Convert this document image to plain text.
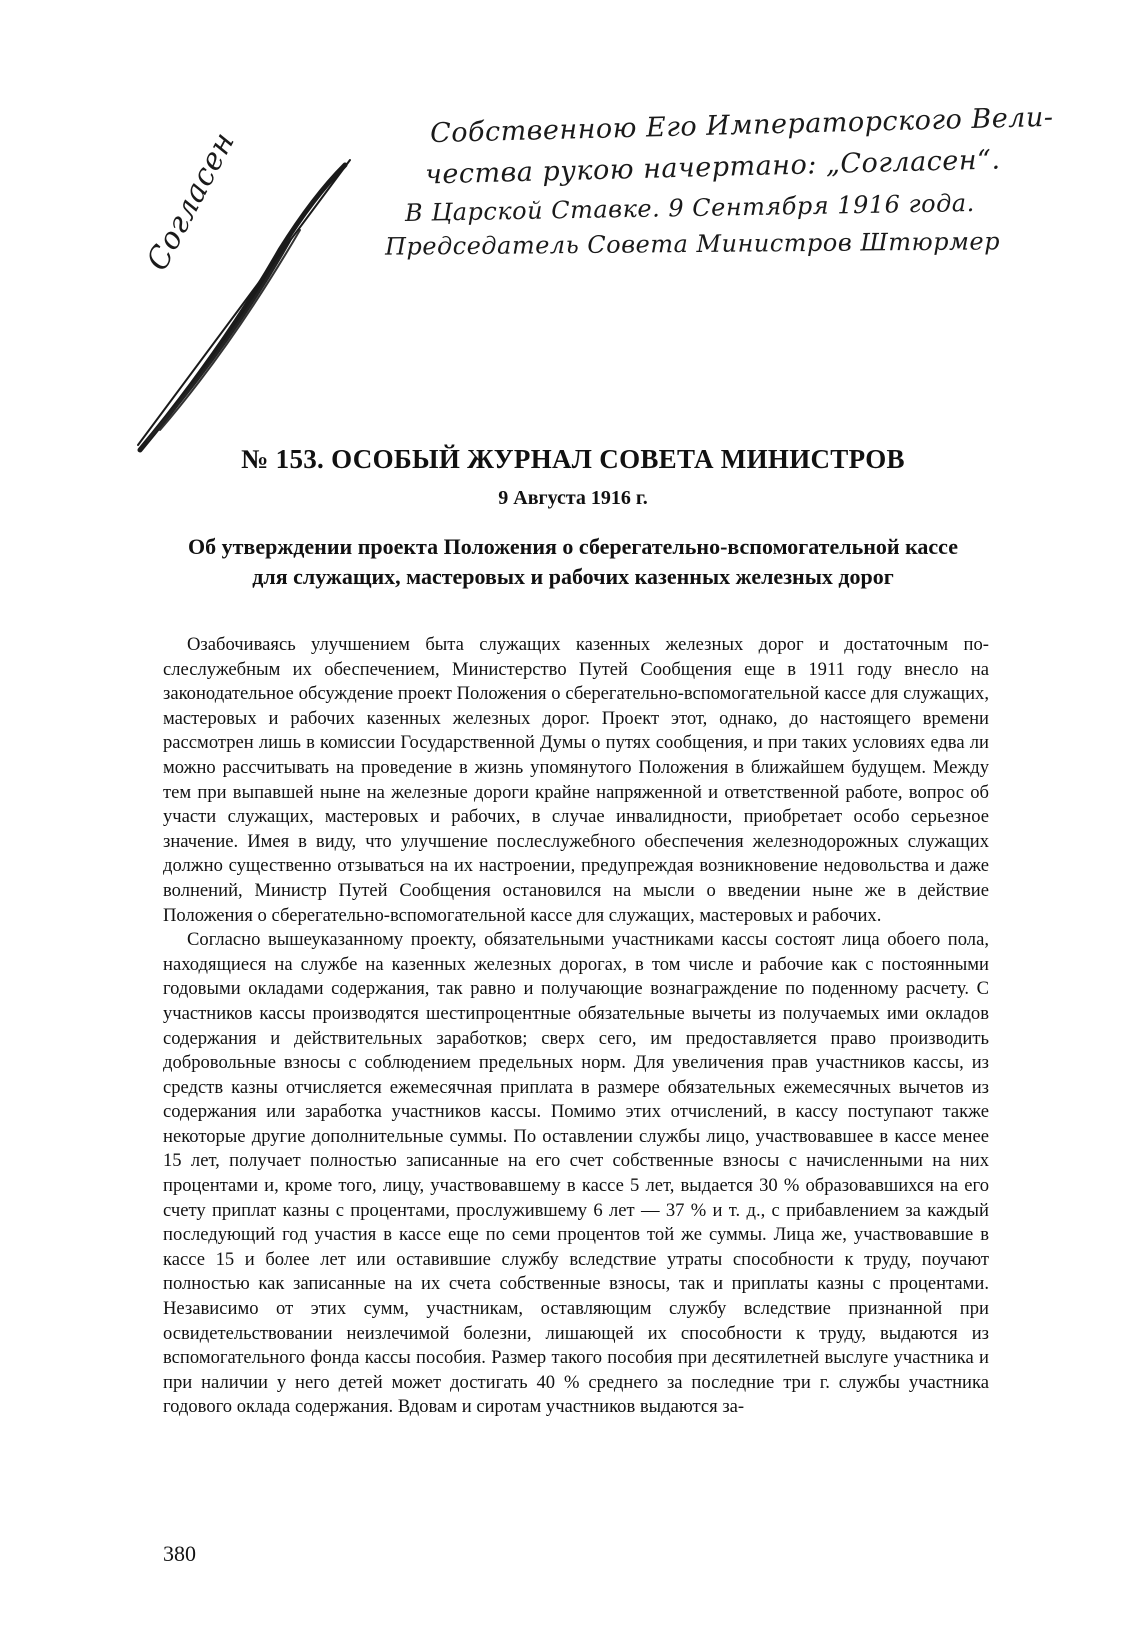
Согласен
Собственною Его Императорского Вели-
чества рукою начертано: „Согласен“.
В Царской Ставке. 9 Сентября 1916 года.
Председатель Совета Министров Штюрмер
№ 153. ОСОБЫЙ ЖУРНАЛ СОВЕТА МИНИСТРОВ
9 Августа 1916 г.
Об утверждении проекта Положения о сберегательно-вспомогательной кассе
для служащих, мастеровых и рабочих казенных железных дорог

Озабочиваясь улучшением быта служащих казенных железных дорог и достаточным послеслужебным их обеспечением, Министерство Путей Сообщения еще в 1911 году внесло на законодательное обсуждение проект Положения о сберегательно-вспомогательной кассе для служащих, мастеровых и рабочих казенных железных дорог. Проект этот, однако, до настоящего времени рассмотрен лишь в комиссии Государственной Думы о путях сообщения, и при таких условиях едва ли можно рассчитывать на проведение в жизнь упомянутого Положения в ближайшем будущем. Между тем при выпавшей ныне на железные дороги крайне напряженной и ответственной работе, вопрос об участи служащих, мастеровых и рабочих, в случае инвалидности, приобретает особо серьезное значение. Имея в виду, что улучшение послеслужебного обеспечения железнодорожных служащих должно существенно отзываться на их настроении, предупреждая возникновение недовольства и даже волнений, Министр Путей Сообщения остановился на мысли о введении ныне же в действие Положения о сберегательно-вспомогательной кассе для служащих, мастеровых и рабочих.

Согласно вышеуказанному проекту, обязательными участниками кассы состоят лица обоего пола, находящиеся на службе на казенных железных дорогах, в том числе и рабочие как с постоянными годовыми окладами содержания, так равно и получающие вознаграждение по поденному расчету. С участников кассы производятся шестипроцентные обязательные вычеты из получаемых ими окладов содержания и действительных заработков; сверх сего, им предоставляется право производить добровольные взносы с соблюдением предельных норм. Для увеличения прав участников кассы, из средств казны отчисляется ежемесячная приплата в размере обязательных ежемесячных вычетов из содержания или заработка участников кассы. Помимо этих отчислений, в кассу поступают также некоторые другие дополнительные суммы. По оставлении службы лицо, участвовавшее в кассе менее 15 лет, получает полностью записанные на его счет собственные взносы с начисленными на них процентами и, кроме того, лицу, участвовавшему в кассе 5 лет, выдается 30 % образовавшихся на его счету приплат казны с процентами, прослужившему 6 лет — 37 % и т. д., с прибавлением за каждый последующий год участия в кассе еще по семи процентов той же суммы. Лица же, участвовавшие в кассе 15 и более лет или оставившие службу вследствие утраты способности к труду, поучают полностью как записанные на их счета собственные взносы, так и приплаты казны с процентами. Независимо от этих сумм, участникам, оставляющим службу вследствие признанной при освидетельствовании неизлечимой болезни, лишающей их способности к труду, выдаются из вспомогательного фонда кассы пособия. Размер такого пособия при десятилетней выслуге участника и при наличии у него детей может достигать 40 % среднего за последние три г. службы участника годового оклада содержания. Вдовам и сиротам участников выдаются за-

380
